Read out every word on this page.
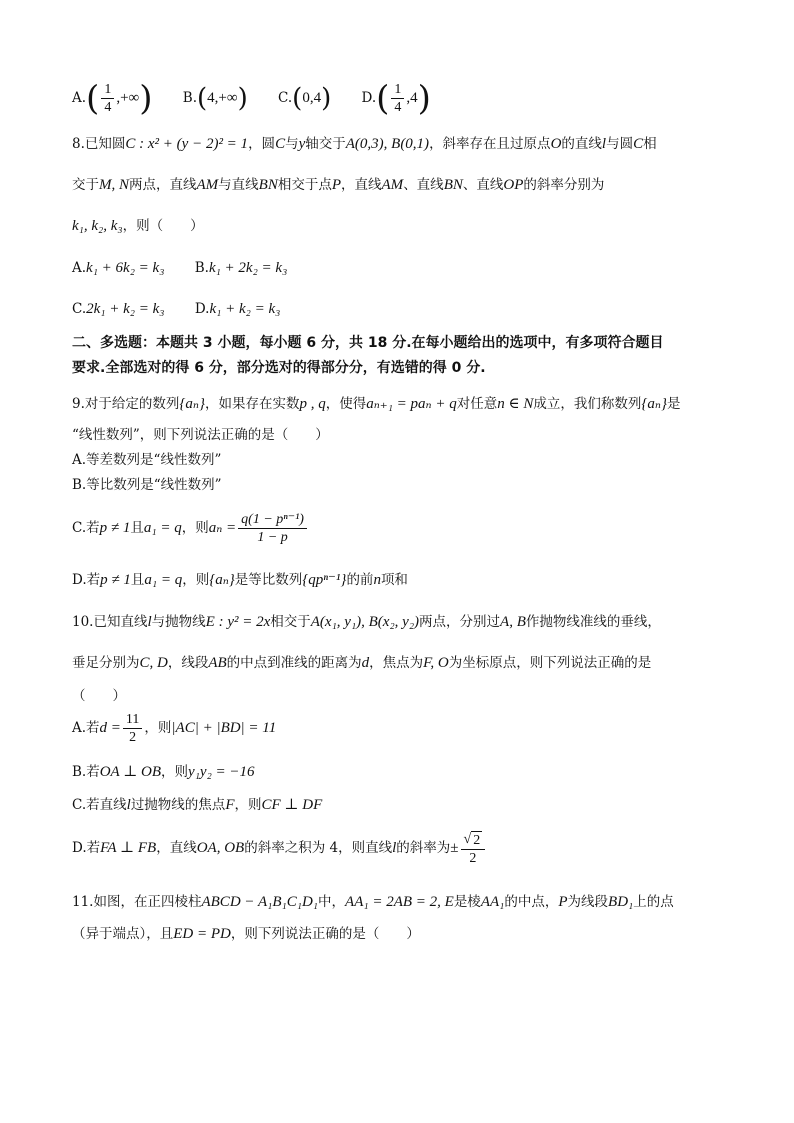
$A.( \frac{1}{4}$ ,+∞) B.(4,+∞) C.(0,4) $D.( \frac{1}{4} ,4)$
8.已知圆C : x² + (y − 2)² = 1，圆C与y轴交于A(0,3), B(0,1)，斜率存在且过原点O的直线l与圆C相
交于M, N两点，直线AM与直线BN相交于点P，直线AM、直线BN、直线OP的斜率分别为
k₁, k₂, k₃，则（　　）
A.k₁ + 6k₂ = k₃ B.k₁ + 2k₂ = k₃
C.2k₁ + k₂ = k₃ D.k₁ + k₂ = k₃
二、多选题：本题共 3 小题，每小题 6 分，共 18 分.在每小题给出的选项中，有多项符合题目
要求.全部选对的得 6 分，部分选对的得部分分，有选错的得 0 分.
9.对于给定的数列{aₙ}，如果存在实数p , q，使得aₙ₊₁ = paₙ + q对任意n ∈ N成立，我们称数列{aₙ}是
“线性数列”，则下列说法正确的是（　　）
A.等差数列是“线性数列”
B.等比数列是“线性数列”
C.若p ≠ 1且a₁ = q，则$a_n = \frac{\text{q(1 − pⁿ⁻¹)}}{1 - p}$
D.若p ≠ 1且a₁ = q，则{aₙ}是等比数列{qpⁿ⁻¹}的前n项和
10.已知直线l与抛物线E : y² = 2x相交于A(x₁, y₁), B(x₂, y₂)两点，分别过A, B作抛物线准线的垂线，
垂足分别为C, D，线段AB的中点到准线的距离为d，焦点为F, O为坐标原点，则下列说法正确的是
（　　）
A.若$d = \frac{11}{2}$ ，则|AC| + |BD| = 11
B.若OA ⊥ OB，则y₁y₂ = −16
C.若直线l过抛物线的焦点F，则CF ⊥ DF
D.若FA ⊥ FB，直线OA, OB的斜率之积为 4，则直线l的斜率为± $\frac{√ 2}{2}$
11.如图，在正四棱柱ABCD − A₁B₁C₁D₁中，AA₁ = 2AB = 2, E是棱AA₁的中点，P为线段BD₁上的点
（异于端点），且ED = PD，则下列说法正确的是（　　）
